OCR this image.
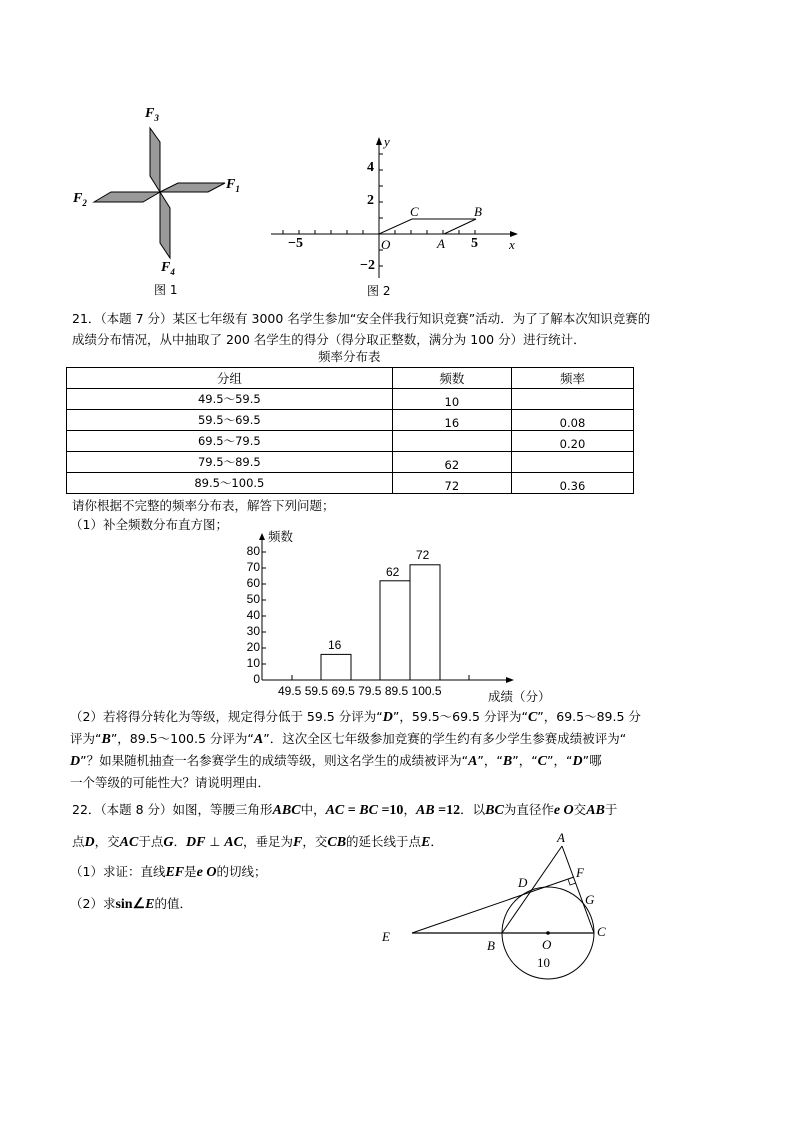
$F_3$
$F_1$
$F_2$
$F_4$
图 1
y
x
4
2
−2
−5	5
O	A
C	B
图 2
21．（本题 7 分）某区七年级有 3000 名学生参加“安全伴我行知识竞赛”活动．为了了解本次知识竞赛的
成绩分布情况，从中抽取了 200 名学生的得分（得分取正整数，满分为 100 分）进行统计．
频率分布表
分组	频数	频率
49.5～59.5	10	
59.5～69.5	16	0.08
69.5～79.5		0.20
79.5～89.5	62	
89.5～100.5	72	0.36
请你根据不完整的频率分布表，解答下列问题；
（1）补全频数分布直方图；
频数
80
70
60
50
40
30
20
10
0
16
62
72
49.5 59.5 69.5 79.5 89.5 100.5	成绩（分）
（2）若将得分转化为等级，规定得分低于 59.5 分评为“D”，59.5～69.5 分评为“C”，69.5～89.5 分
评为“B”，89.5～100.5 分评为“A”．这次全区七年级参加竞赛的学生约有多少学生参赛成绩被评为“
D”？如果随机抽查一名参赛学生的成绩等级，则这名学生的成绩被评为“A”，“B”，“C”，“D”哪
一个等级的可能性大？请说明理由．
22．（本题 8 分）如图，等腰三角形ABC中，AC = BC =10，AB =12．以BC为直径作e O交AB于
点D，交AC于点G．DF ⊥ AC，垂足为F，交CB的延长线于点E．
（1）求证：直线EF是e O的切线；
（2）求sin∠E的值．
A
F
D
G
E	C
B	O
10
